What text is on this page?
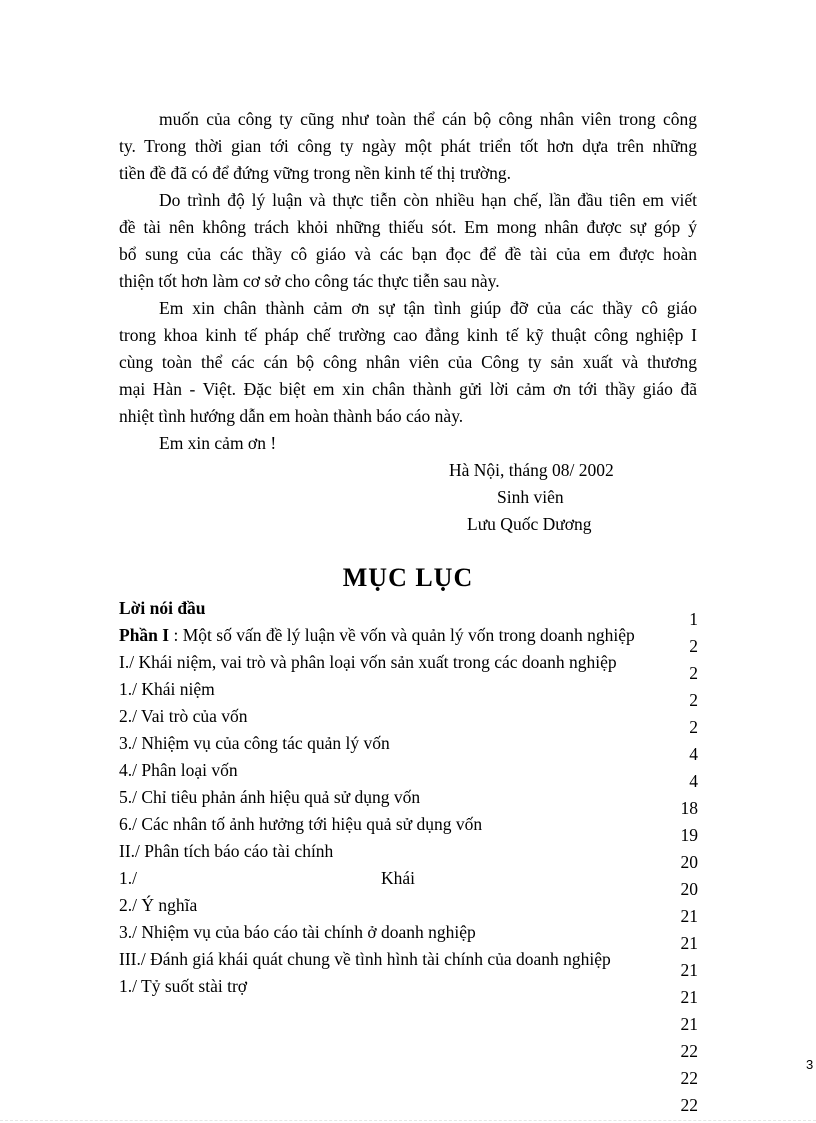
muốn của công ty cũng như toàn thể cán bộ công nhân viên trong công
ty. Trong thời gian tới công ty ngày một phát triển tốt hơn dựa trên những
tiền đề đã có để đứng vững trong nền kinh tế thị trường.
Do trình độ lý luận và thực tiễn còn nhiều hạn chế, lần đầu tiên em viết
đề tài nên không trách khỏi những thiếu sót. Em mong nhân được sự góp ý
bổ sung của các thầy cô giáo và các bạn đọc để đề tài của em được hoàn
thiện tốt hơn làm cơ sở cho công tác thực tiễn sau này.
Em xin chân thành cảm ơn sự tận tình giúp đỡ của các thầy cô giáo
trong khoa kinh tế pháp chế trường cao đẳng kinh tế kỹ thuật công nghiệp I
cùng toàn thể các cán bộ công nhân viên của Công ty sản xuất và thương
mại Hàn - Việt. Đặc biệt em xin chân thành gửi lời cảm ơn tới thầy giáo đã
nhiệt tình hướng dẫn em hoàn thành báo cáo này.
Em xin cảm ơn !
Hà Nội, tháng 08/ 2002
Sinh viên
Lưu Quốc Dương
MỤC LỤC
Lời nói đầu
Phần I : Một số vấn đề lý luận về vốn và quản lý vốn trong doanh nghiệp
I./ Khái niệm, vai trò và phân loại vốn sản xuất trong các doanh nghiệp
1./ Khái niệm
2./ Vai trò của vốn
3./ Nhiệm vụ của công tác quản lý vốn
4./ Phân loại vốn
5./ Chỉ tiêu phản ánh hiệu quả sử dụng vốn
6./ Các nhân tố ảnh hưởng tới hiệu quả sử dụng vốn
II./ Phân tích báo cáo tài chính
1./	Khái
2./ Ý nghĩa
3./ Nhiệm vụ của báo cáo tài chính ở doanh nghiệp
III./ Đánh giá khái quát chung về tình hình tài chính của doanh nghiệp
1./ Tỷ suốt stài trợ
1
2
2
2
2
4
4
18
19
20
20
21
21
21
21
21
22
22
22
3
